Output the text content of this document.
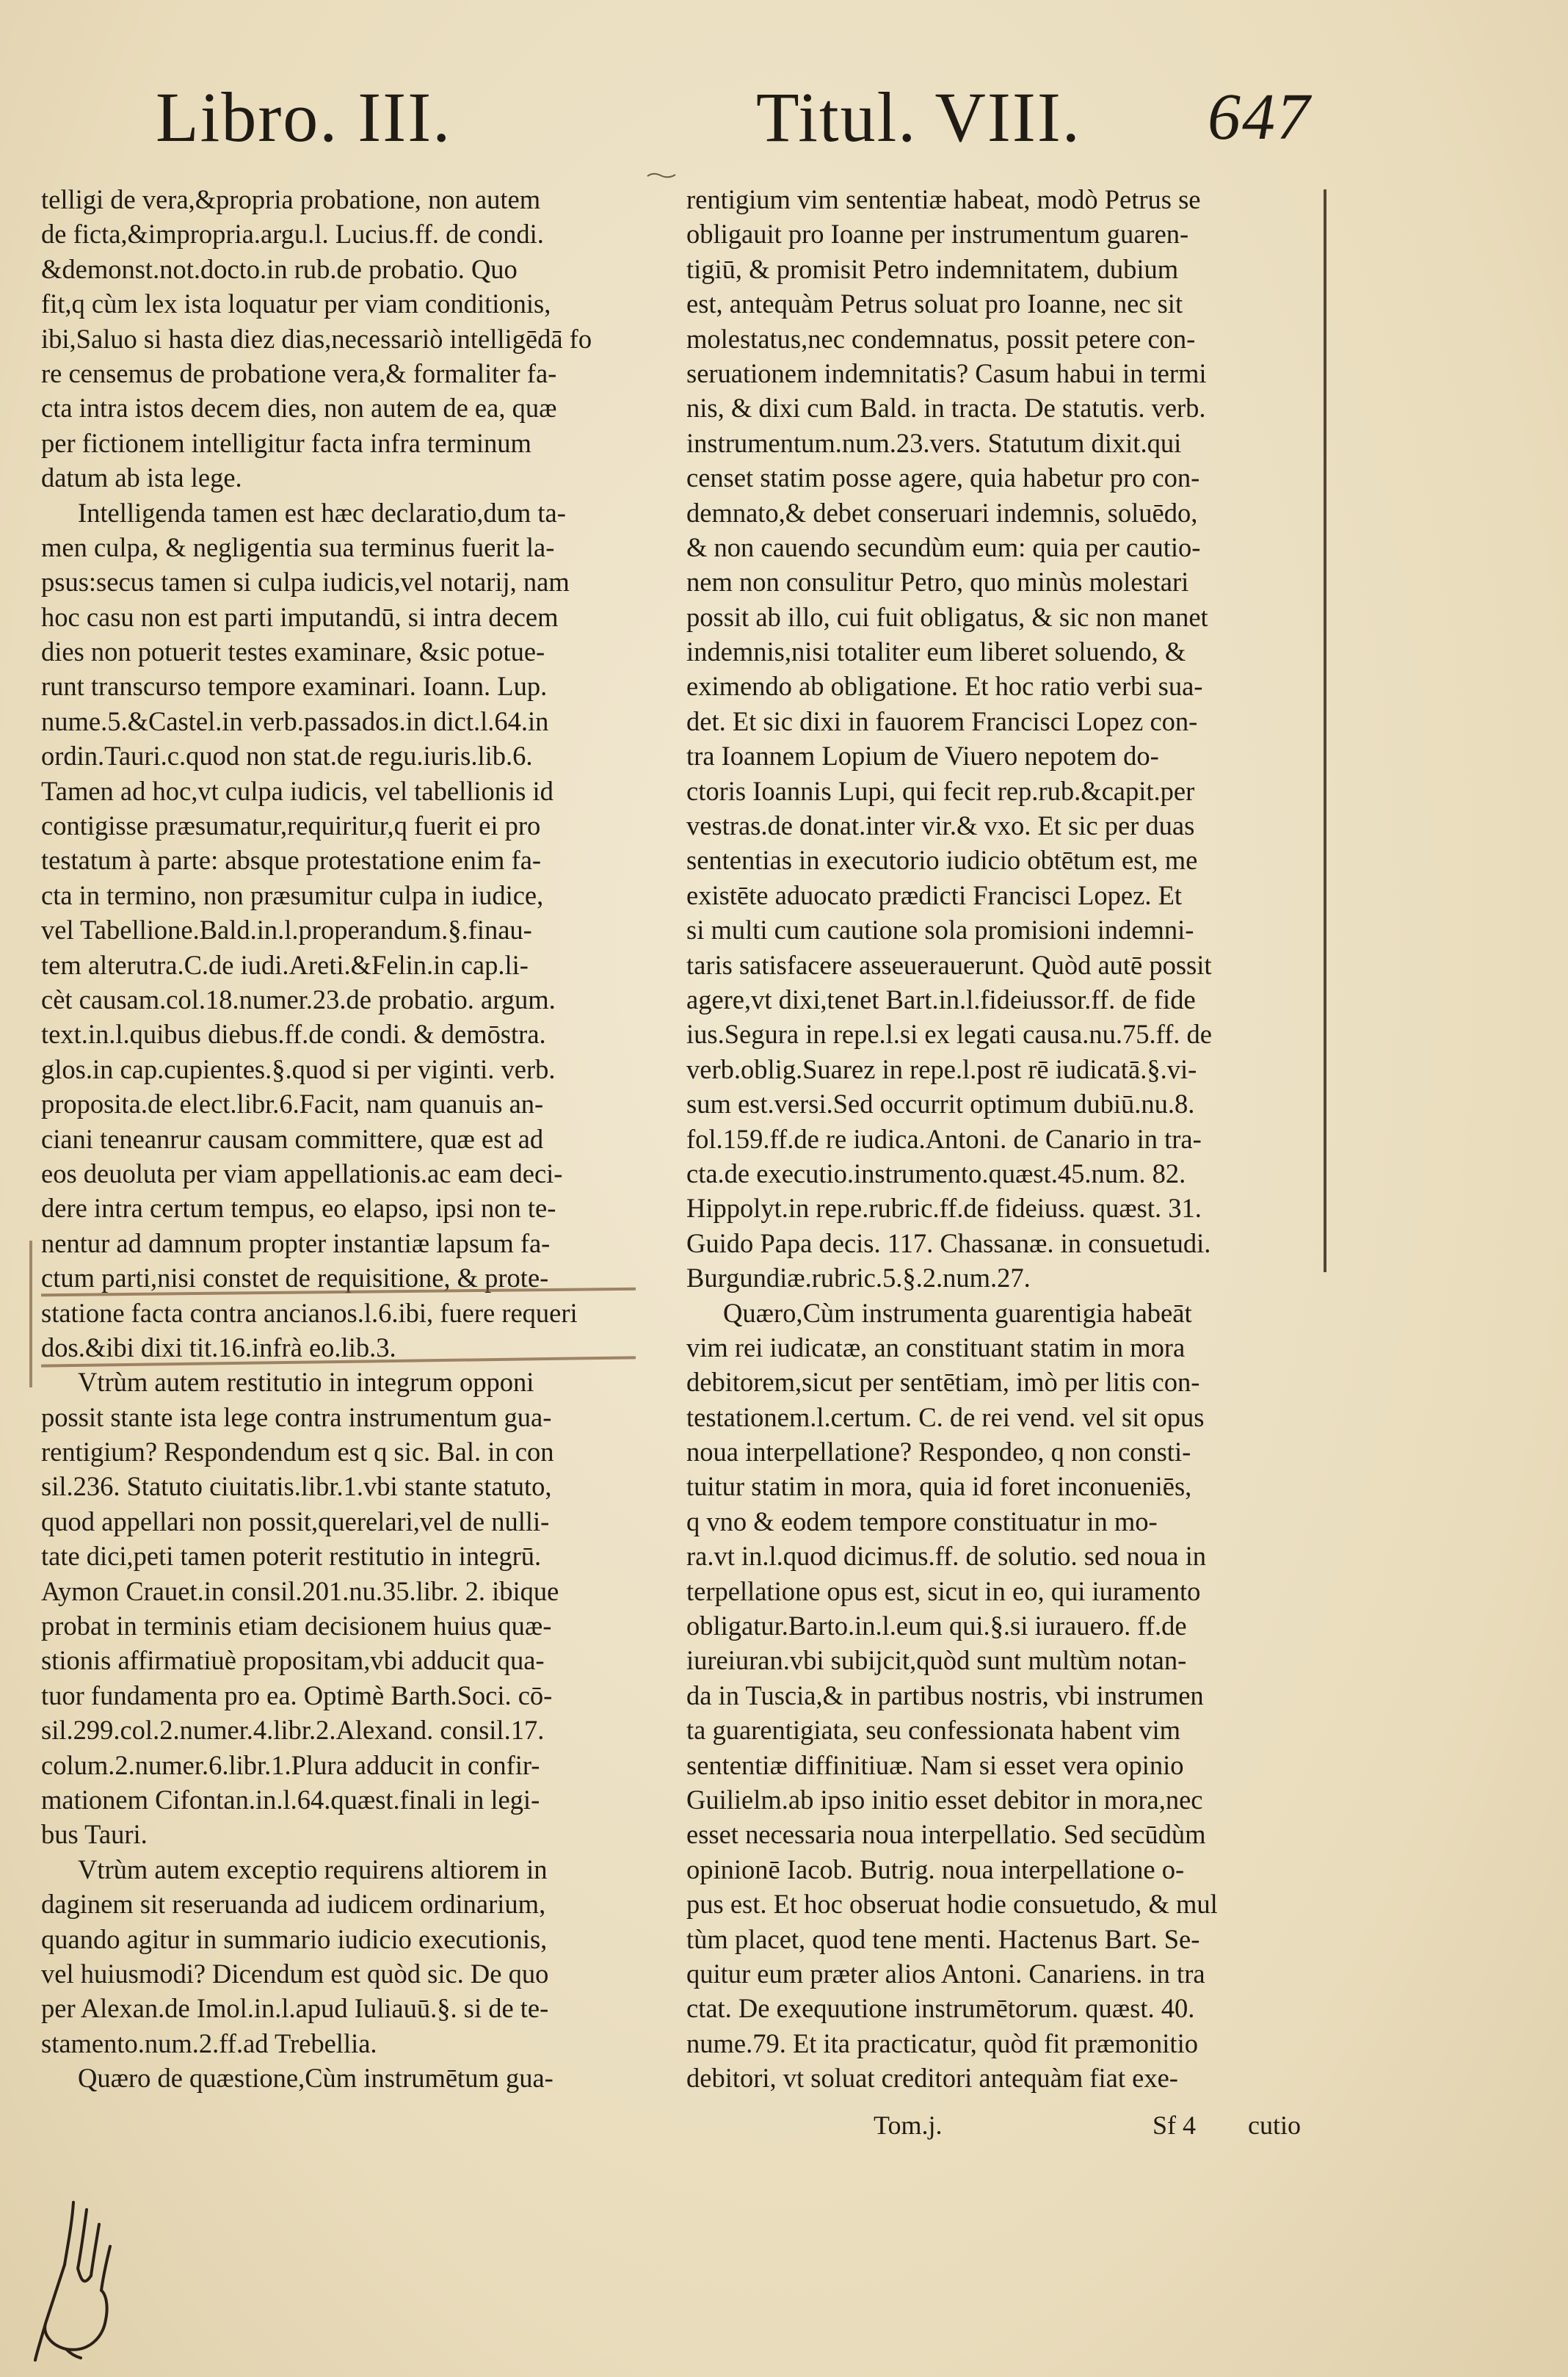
Libro. III.	Titul. VIII. 647
telligi de vera,&propria probatione, non autem
de ficta,&impropria.argu.l. Lucius.ff. de condi.
&demonst.not.docto.in rub.de probatio. Quo
fit,q cùm lex ista loquatur per viam conditionis,
ibi,Saluo si hasta diez dias,necessariò intelligēdā fo
re censemus de probatione vera,& formaliter fa-
cta intra istos decem dies, non autem de ea, quæ
per fictionem intelligitur facta infra terminum
datum ab ista lege.
Intelligenda tamen est hæc declaratio,dum ta-
men culpa, & negligentia sua terminus fuerit la-
psus:secus tamen si culpa iudicis,vel notarij, nam
hoc casu non est parti imputandū, si intra decem
dies non potuerit testes examinare, &sic potue-
runt transcurso tempore examinari. Ioann. Lup.
nume.5.&Castel.in verb.passados.in dict.l.64.in
ordin.Tauri.c.quod non stat.de regu.iuris.lib.6.
Tamen ad hoc,vt culpa iudicis, vel tabellionis id
contigisse præsumatur,requiritur,q fuerit ei pro
testatum à parte: absque protestatione enim fa-
cta in termino, non præsumitur culpa in iudice,
vel Tabellione.Bald.in.l.properandum.§.finau-
tem alterutra.C.de iudi.Areti.&Felin.in cap.li-
cèt causam.col.18.numer.23.de probatio. argum.
text.in.l.quibus diebus.ff.de condi. & demōstra.
glos.in cap.cupientes.§.quod si per viginti. verb.
proposita.de elect.libr.6.Facit, nam quanuis an-
ciani teneanrur causam committere, quæ est ad
eos deuoluta per viam appellationis.ac eam deci-
dere intra certum tempus, eo elapso, ipsi non te-
nentur ad damnum propter instantiæ lapsum fa-
ctum parti,nisi constet de requisitione, & prote-
statione facta contra ancianos.l.6.ibi, fuere requeri
dos.&ibi dixi tit.16.infrà eo.lib.3.
Vtrùm autem restitutio in integrum opponi
possit stante ista lege contra instrumentum gua-
rentigium? Respondendum est q sic. Bal. in con
sil.236. Statuto ciuitatis.libr.1.vbi stante statuto,
quod appellari non possit,querelari,vel de nulli-
tate dici,peti tamen poterit restitutio in integrū.
Aymon Crauet.in consil.201.nu.35.libr. 2. ibique
probat in terminis etiam decisionem huius quæ-
stionis affirmatiuè propositam,vbi adducit qua-
tuor fundamenta pro ea. Optimè Barth.Soci. cō-
sil.299.col.2.numer.4.libr.2.Alexand. consil.17.
colum.2.numer.6.libr.1.Plura adducit in confir-
mationem Cifontan.in.l.64.quæst.finali in legi-
bus Tauri.
Vtrùm autem exceptio requirens altiorem in
daginem sit reseruanda ad iudicem ordinarium,
quando agitur in summario iudicio executionis,
vel huiusmodi? Dicendum est quòd sic. De quo
per Alexan.de Imol.in.l.apud Iuliauū.§. si de te-
stamento.num.2.ff.ad Trebellia.
Quæro de quæstione,Cùm instrumētum gua-
rentigium vim sententiæ habeat, modò Petrus se
obligauit pro Ioanne per instrumentum guaren-
tigiū, & promisit Petro indemnitatem, dubium
est, antequàm Petrus soluat pro Ioanne, nec sit
molestatus,nec condemnatus, possit petere con-
seruationem indemnitatis? Casum habui in termi
nis, & dixi cum Bald. in tracta. De statutis. verb.
instrumentum.num.23.vers. Statutum dixit.qui
censet statim posse agere, quia habetur pro con-
demnato,& debet conseruari indemnis, soluēdo,
& non cauendo secundùm eum: quia per cautio-
nem non consulitur Petro, quo minùs molestari
possit ab illo, cui fuit obligatus, & sic non manet
indemnis,nisi totaliter eum liberet soluendo, &
eximendo ab obligatione. Et hoc ratio verbi sua-
det. Et sic dixi in fauorem Francisci Lopez con-
tra Ioannem Lopium de Viuero nepotem do-
ctoris Ioannis Lupi, qui fecit rep.rub.&capit.per
vestras.de donat.inter vir.& vxo. Et sic per duas
sententias in executorio iudicio obtētum est, me
existēte aduocato prædicti Francisci Lopez. Et
si multi cum cautione sola promisioni indemni-
taris satisfacere asseuerauerunt. Quòd autē possit
agere,vt dixi,tenet Bart.in.l.fideiussor.ff. de fide
ius.Segura in repe.l.si ex legati causa.nu.75.ff. de
verb.oblig.Suarez in repe.l.post rē iudicatā.§.vi-
sum est.versi.Sed occurrit optimum dubiū.nu.8.
fol.159.ff.de re iudica.Antoni. de Canario in tra-
cta.de executio.instrumento.quæst.45.num. 82.
Hippolyt.in repe.rubric.ff.de fideiuss. quæst. 31.
Guido Papa decis. 117. Chassanæ. in consuetudi.
Burgundiæ.rubric.5.§.2.num.27.
Quæro,Cùm instrumenta guarentigia habeāt
vim rei iudicatæ, an constituant statim in mora
debitorem,sicut per sentētiam, imò per litis con-
testationem.l.certum. C. de rei vend. vel sit opus
noua interpellatione? Respondeo, q non consti-
tuitur statim in mora, quia id foret inconueniēs,
q vno & eodem tempore constituatur in mo-
ra.vt in.l.quod dicimus.ff. de solutio. sed noua in
terpellatione opus est, sicut in eo, qui iuramento
obligatur.Barto.in.l.eum qui.§.si iurauero. ff.de
iureiuran.vbi subijcit,quòd sunt multùm notan-
da in Tuscia,& in partibus nostris, vbi instrumen
ta guarentigiata, seu confessionata habent vim
sententiæ diffinitiuæ. Nam si esset vera opinio
Guilielm.ab ipso initio esset debitor in mora,nec
esset necessaria noua interpellatio. Sed secūdùm
opinionē Iacob. Butrig. noua interpellatione o-
pus est. Et hoc obseruat hodie consuetudo, & mul
tùm placet, quod tene menti. Hactenus Bart. Se-
quitur eum præter alios Antoni. Canariens. in tra
ctat. De exequutione instrumētorum. quæst. 40.
nume.79. Et ita practicatur, quòd fit præmonitio
debitori, vt soluat creditori antequàm fiat exe-
Tom.j.	Sf 4 cutio
